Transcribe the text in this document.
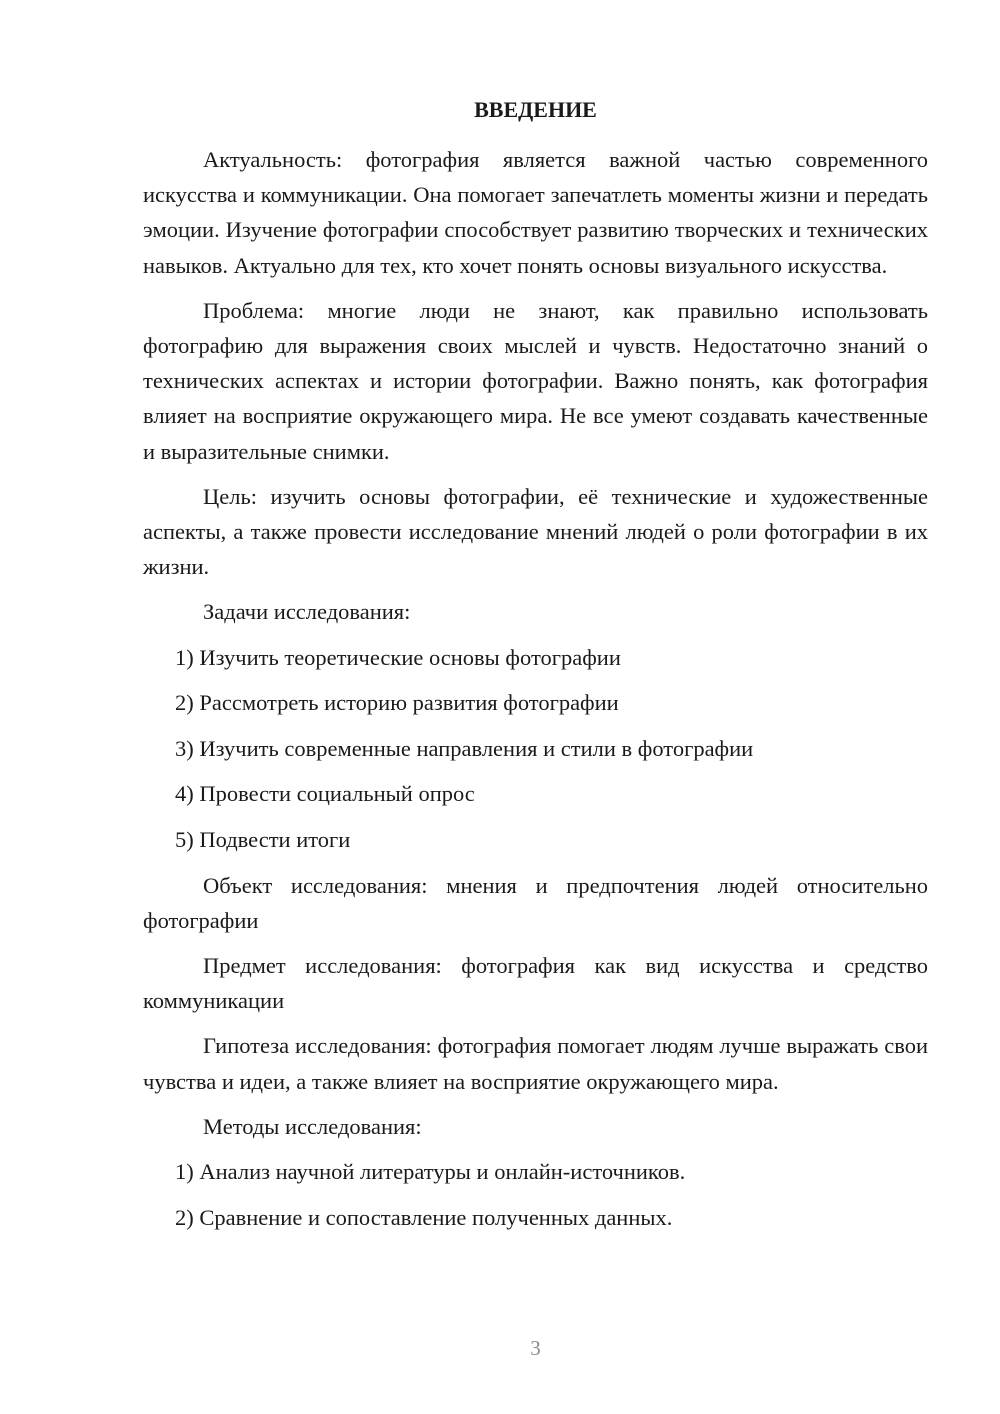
ВВЕДЕНИЕ

Актуальность: фотография является важной частью современного искусства и коммуникации. Она помогает запечатлеть моменты жизни и передать эмоции. Изучение фотографии способствует развитию творческих и технических навыков. Актуально для тех, кто хочет понять основы визуального искусства.

Проблема: многие люди не знают, как правильно использовать фотографию для выражения своих мыслей и чувств. Недостаточно знаний о технических аспектах и истории фотографии. Важно понять, как фотография влияет на восприятие окружающего мира. Не все умеют создавать качественные и выразительные снимки.

Цель: изучить основы фотографии, её технические и художественные аспекты, а также провести исследование мнений людей о роли фотографии в их жизни.

Задачи исследования:

1) Изучить теоретические основы фотографии
2) Рассмотреть историю развития фотографии
3) Изучить современные направления и стили в фотографии
4) Провести социальный опрос
5) Подвести итоги

Объект исследования: мнения и предпочтения людей относительно фотографии

Предмет исследования: фотография как вид искусства и средство коммуникации

Гипотеза исследования: фотография помогает людям лучше выражать свои чувства и идеи, а также влияет на восприятие окружающего мира.

Методы исследования:

1) Анализ научной литературы и онлайн-источников.
2) Сравнение и сопоставление полученных данных.
3
